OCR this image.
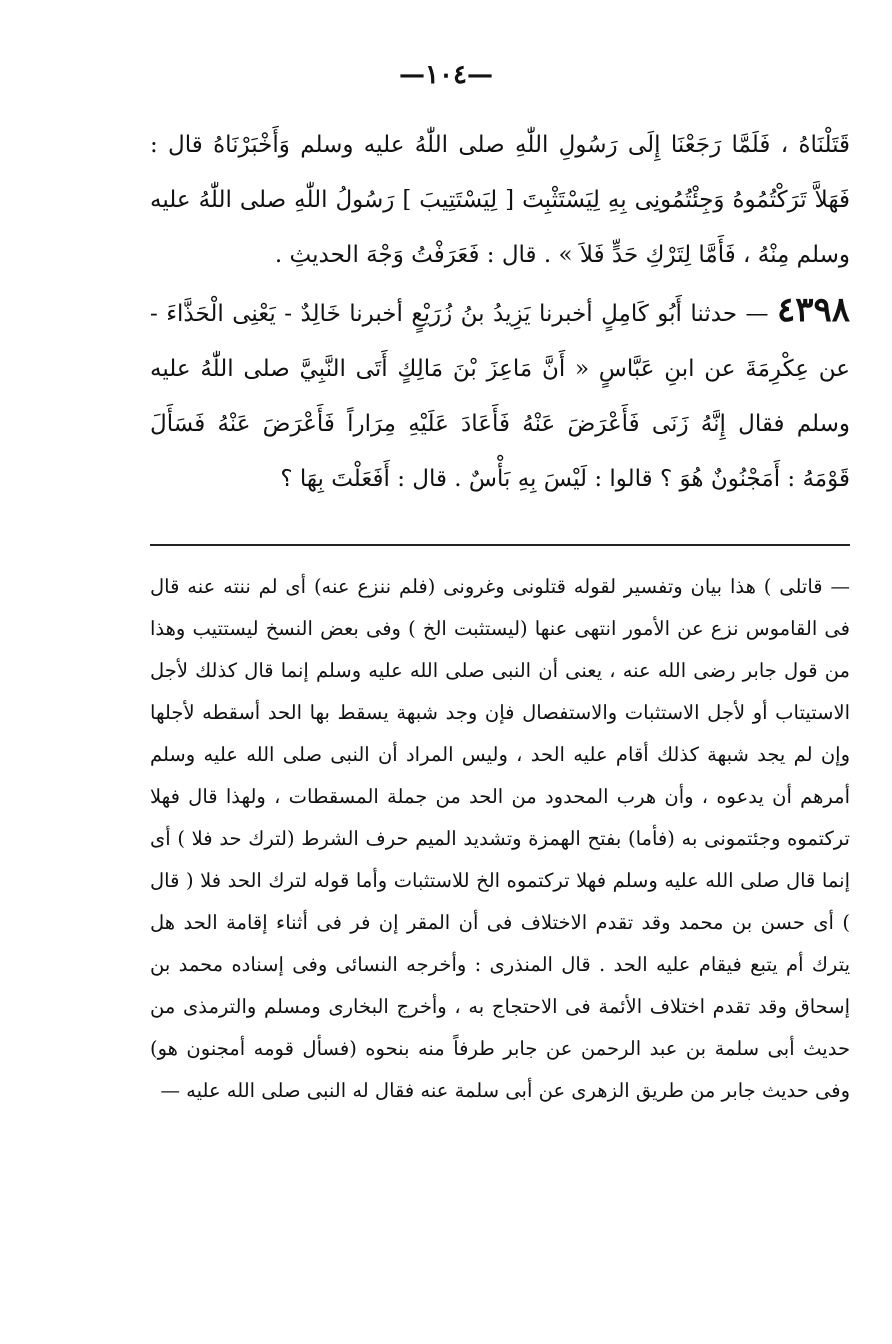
—١٠٤—

قَتَلْنَاهُ ، فَلَمَّا رَجَعْنَا إِلَى رَسُولِ اللّٰهِ صلى اللّٰهُ عليه وسلم وَأَخْبَرْنَاهُ قال : فَهَلاَّ تَرَكْتُمُوهُ وَجِئْتُمُونِى بِهِ لِيَسْتَثْبِتَ [ لِيَسْتَتِيبَ ] رَسُولُ اللّٰهِ صلى اللّٰهُ عليه وسلم مِنْهُ ، فَأَمَّا لِتَرْكِ حَدٍّ فَلاَ » . قال : فَعَرَفْتُ وَجْهَ الحديثِ .

٤٣٩٨ — حدثنا أَبُو كَامِلٍ أخبرنا يَزِيدُ بنُ زُرَيْعٍ أخبرنا خَالِدٌ - يَعْنِى الْحَذَّاءَ - عن عِكْرِمَةَ عن ابنِ عَبَّاسٍ « أَنَّ مَاعِزَ بْنَ مَالِكٍ أَتَى النَّبِيَّ صلى اللّٰهُ عليه وسلم فقال إِنَّهُ زَنَى فَأَعْرَضَ عَنْهُ فَأَعَادَ عَلَيْهِ مِرَاراً فَأَعْرَضَ عَنْهُ فَسَأَلَ قَوْمَهُ : أَمَجْنُونٌ هُوَ ؟ قالوا : لَيْسَ بِهِ بَأْسٌ . قال : أَفَعَلْتَ بِهَا ؟

— قاتلى ) هذا بيان وتفسير لقوله قتلونى وغرونى (فلم ننزع عنه) أى لم ننته عنه قال فى القاموس نزع عن الأمور انتهى عنها (ليستثبت الخ ) وفى بعض النسخ ليستتيب وهذا من قول جابر رضى الله عنه ، يعنى أن النبى صلى الله عليه وسلم إنما قال كذلك لأجل الاستيتاب أو لأجل الاستثبات والاستفصال فإن وجد شبهة يسقط بها الحد أسقطه لأجلها وإن لم يجد شبهة كذلك أقام عليه الحد ، وليس المراد أن النبى صلى الله عليه وسلم أمرهم أن يدعوه ، وأن هرب المحدود من الحد من جملة المسقطات ، ولهذا قال فهلا تركتموه وجئتمونى به (فأما) بفتح الهمزة وتشديد الميم حرف الشرط (لترك حد فلا ) أى إنما قال صلى الله عليه وسلم فهلا تركتموه الخ للاستثبات وأما قوله لترك الحد فلا ( قال ) أى حسن بن محمد وقد تقدم الاختلاف فى أن المقر إن فر فى أثناء إقامة الحد هل يترك أم يتبع فيقام عليه الحد . قال المنذرى : وأخرجه النسائى وفى إسناده محمد بن إسحاق وقد تقدم اختلاف الأئمة فى الاحتجاج به ، وأخرج البخارى ومسلم والترمذى من حديث أبى سلمة بن عبد الرحمن عن جابر طرفاً منه بنحوه (فسأل قومه أمجنون هو) وفى حديث جابر من طريق الزهرى عن أبى سلمة عنه فقال له النبى صلى الله عليه —
